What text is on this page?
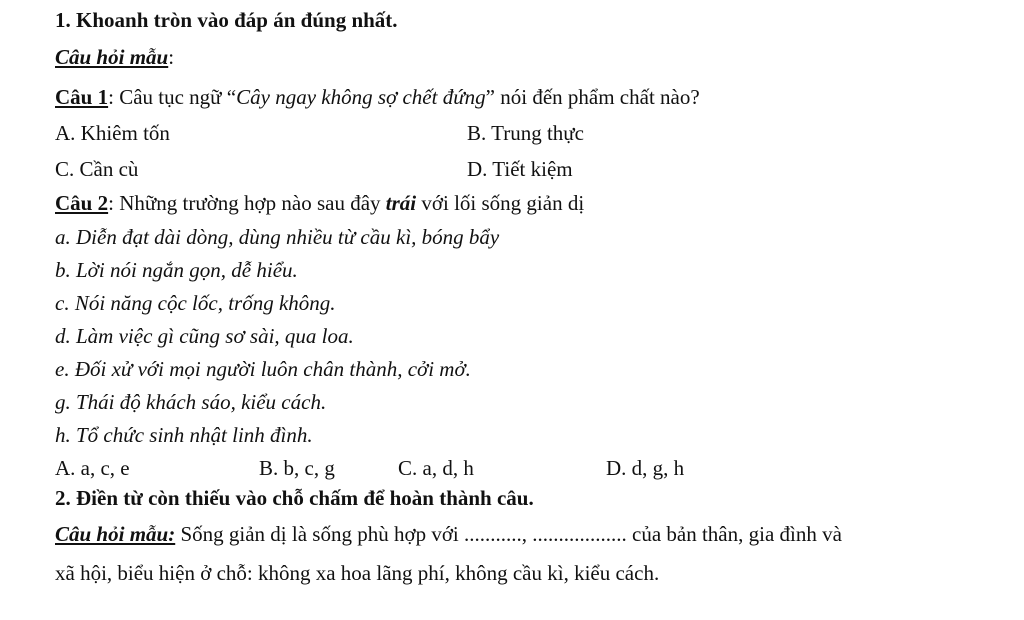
1. Khoanh tròn vào đáp án đúng nhất.
Câu hỏi mẫu:
Câu 1: Câu tục ngữ “Cây ngay không sợ chết đứng” nói đến phẩm chất nào?
A. Khiêm tốn	B. Trung thực
C. Cần cù	D. Tiết kiệm
Câu 2: Những trường hợp nào sau đây trái với lối sống giản dị
a. Diễn đạt dài dòng, dùng nhiều từ cầu kì, bóng bẩy
b. Lời nói ngắn gọn, dễ hiểu.
c. Nói năng cộc lốc, trống không.
d. Làm việc gì cũng sơ sài, qua loa.
e. Đối xử với mọi người luôn chân thành, cởi mở.
g. Thái độ khách sáo, kiểu cách.
h. Tổ chức sinh nhật linh đình.
A. a, c, e	B. b, c, g	C. a, d, h	D. d, g, h
2. Điền từ còn thiếu vào chỗ chấm để hoàn thành câu.
Câu hỏi mẫu: Sống giản dị là sống phù hợp với ..........., .................. của bản thân, gia đình và
xã hội, biểu hiện ở chỗ: không xa hoa lãng phí, không cầu kì, kiểu cách.
